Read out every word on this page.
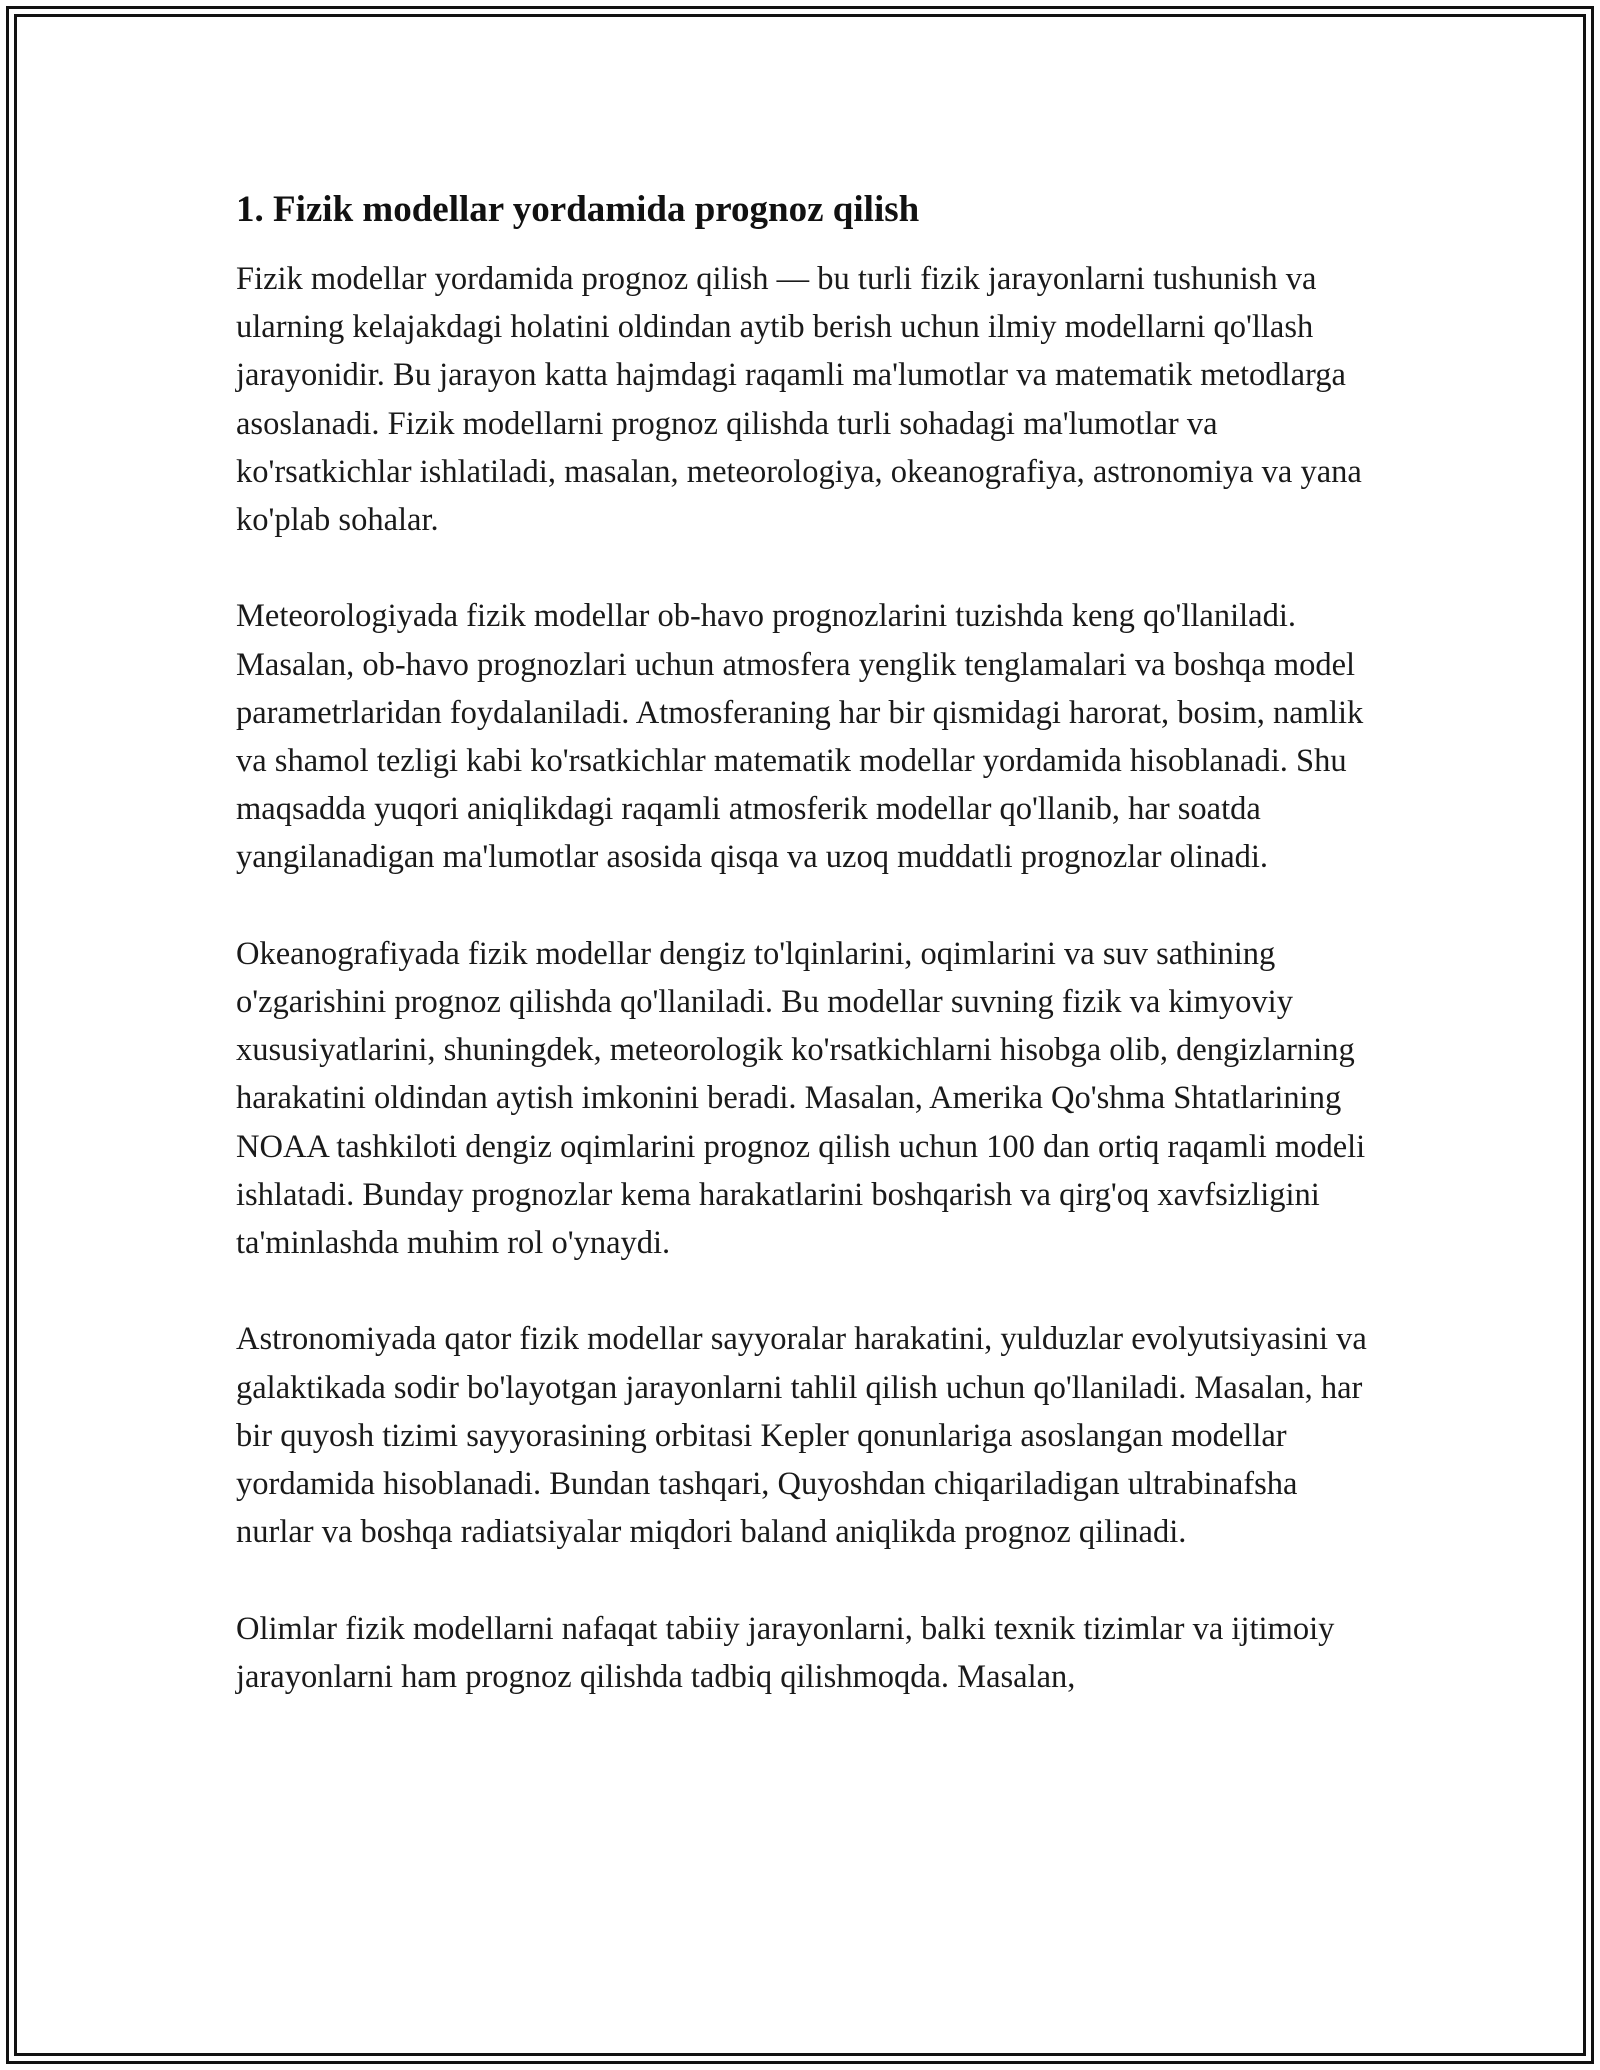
1. Fizik modellar yordamida prognoz qilish

Fizik modellar yordamida prognoz qilish — bu turli fizik jarayonlarni tushunish va ularning kelajakdagi holatini oldindan aytib berish uchun ilmiy modellarni qo'llash jarayonidir. Bu jarayon katta hajmdagi raqamli ma'lumotlar va matematik metodlarga asoslanadi. Fizik modellarni prognoz qilishda turli sohadagi ma'lumotlar va ko'rsatkichlar ishlatiladi, masalan, meteorologiya, okeanografiya, astronomiya va yana ko'plab sohalar.

Meteorologiyada fizik modellar ob-havo prognozlarini tuzishda keng qo'llaniladi. Masalan, ob-havo prognozlari uchun atmosfera yenglik tenglamalari va boshqa model parametrlaridan foydalaniladi. Atmosferaning har bir qismidagi harorat, bosim, namlik va shamol tezligi kabi ko'rsatkichlar matematik modellar yordamida hisoblanadi. Shu maqsadda yuqori aniqlikdagi raqamli atmosferik modellar qo'llanib, har soatda yangilanadigan ma'lumotlar asosida qisqa va uzoq muddatli prognozlar olinadi.

Okeanografiyada fizik modellar dengiz to'lqinlarini, oqimlarini va suv sathining o'zgarishini prognoz qilishda qo'llaniladi. Bu modellar suvning fizik va kimyoviy xususiyatlarini, shuningdek, meteorologik ko'rsatkichlarni hisobga olib, dengizlarning harakatini oldindan aytish imkonini beradi. Masalan, Amerika Qo'shma Shtatlarining NOAA tashkiloti dengiz oqimlarini prognoz qilish uchun 100 dan ortiq raqamli modeli ishlatadi. Bunday prognozlar kema harakatlarini boshqarish va qirg'oq xavfsizligini ta'minlashda muhim rol o'ynaydi.

Astronomiyada qator fizik modellar sayyoralar harakatini, yulduzlar evolyutsiyasini va galaktikada sodir bo'layotgan jarayonlarni tahlil qilish uchun qo'llaniladi. Masalan, har bir quyosh tizimi sayyorasining orbitasi Kepler qonunlariga asoslangan modellar yordamida hisoblanadi. Bundan tashqari, Quyoshdan chiqariladigan ultrabinafsha nurlar va boshqa radiatsiyalar miqdori baland aniqlikda prognoz qilinadi.

Olimlar fizik modellarni nafaqat tabiiy jarayonlarni, balki texnik tizimlar va ijtimoiy jarayonlarni ham prognoz qilishda tadbiq qilishmoqda. Masalan,
